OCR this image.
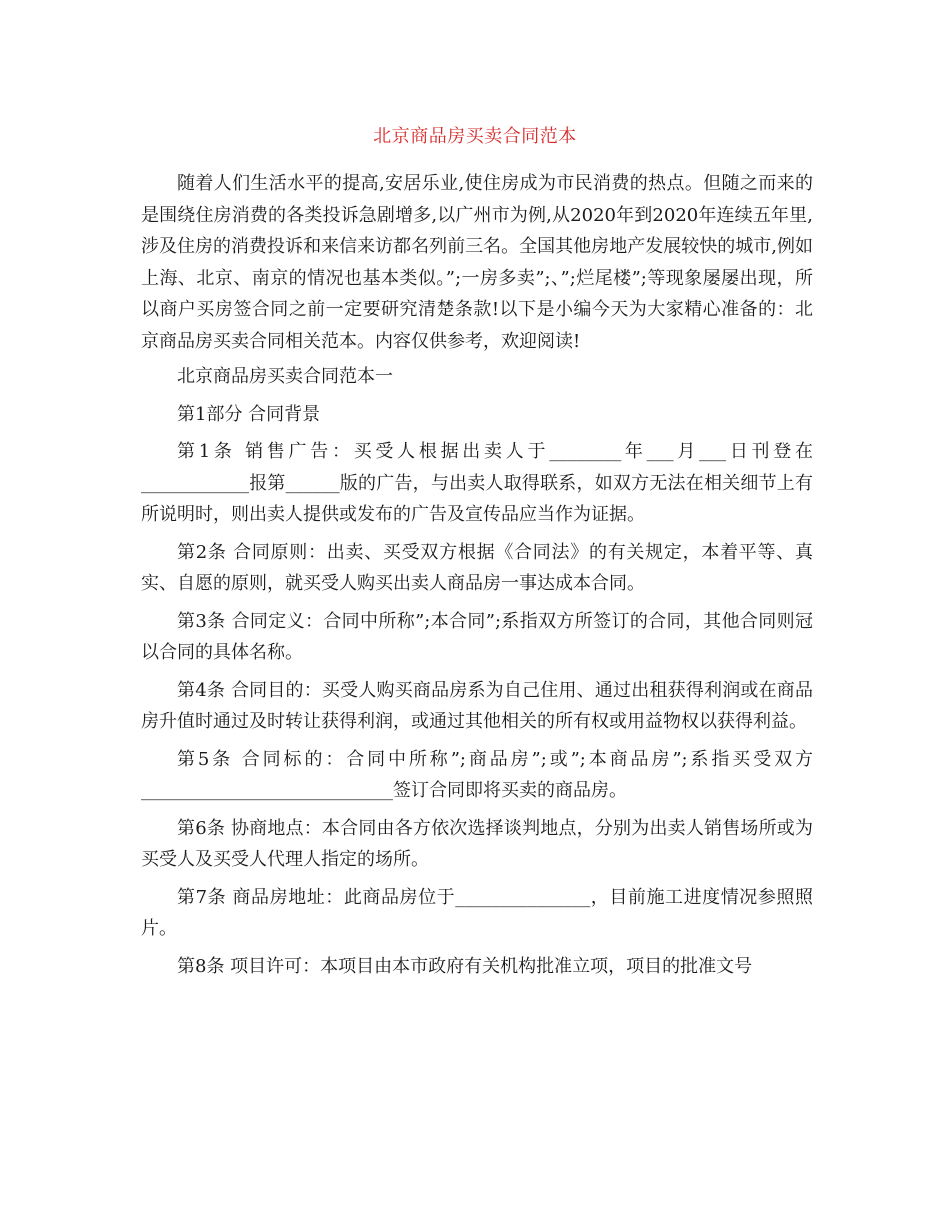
北京商品房买卖合同范本

随着人们生活水平的提高,安居乐业,使住房成为市民消费的热点。但随之而来的是围绕住房消费的各类投诉急剧增多,以广州市为例,从2020年到2020年连续五年里,涉及住房的消费投诉和来信来访都名列前三名。全国其他房地产发展较快的城市,例如上海、北京、南京的情况也基本类似。”;一房多卖”;、”;烂尾楼”;等现象屡屡出现，所以商户买房签合同之前一定要研究清楚条款!以下是小编今天为大家精心准备的：北京商品房买卖合同相关范本。内容仅供参考，欢迎阅读!

北京商品房买卖合同范本一

第1部分 合同背景

第1条 销售广告：买受人根据出卖人于________年___月___日刊登在____________报第______版的广告，与出卖人取得联系，如双方无法在相关细节上有所说明时，则出卖人提供或发布的广告及宣传品应当作为证据。

第2条 合同原则：出卖、买受双方根据《合同法》的有关规定，本着平等、真实、自愿的原则，就买受人购买出卖人商品房一事达成本合同。

第3条 合同定义：合同中所称”;本合同”;系指双方所签订的合同，其他合同则冠以合同的具体名称。

第4条 合同目的：买受人购买商品房系为自己住用、通过出租获得利润或在商品房升值时通过及时转让获得利润，或通过其他相关的所有权或用益物权以获得利益。

第5条 合同标的：合同中所称”;商品房”;或”;本商品房”;系指买受双方____________________________签订合同即将买卖的商品房。

第6条 协商地点：本合同由各方依次选择谈判地点，分别为出卖人销售场所或为买受人及买受人代理人指定的场所。

第7条 商品房地址：此商品房位于_______________，目前施工进度情况参照照片。

第8条 项目许可：本项目由本市政府有关机构批准立项，项目的批准文号
